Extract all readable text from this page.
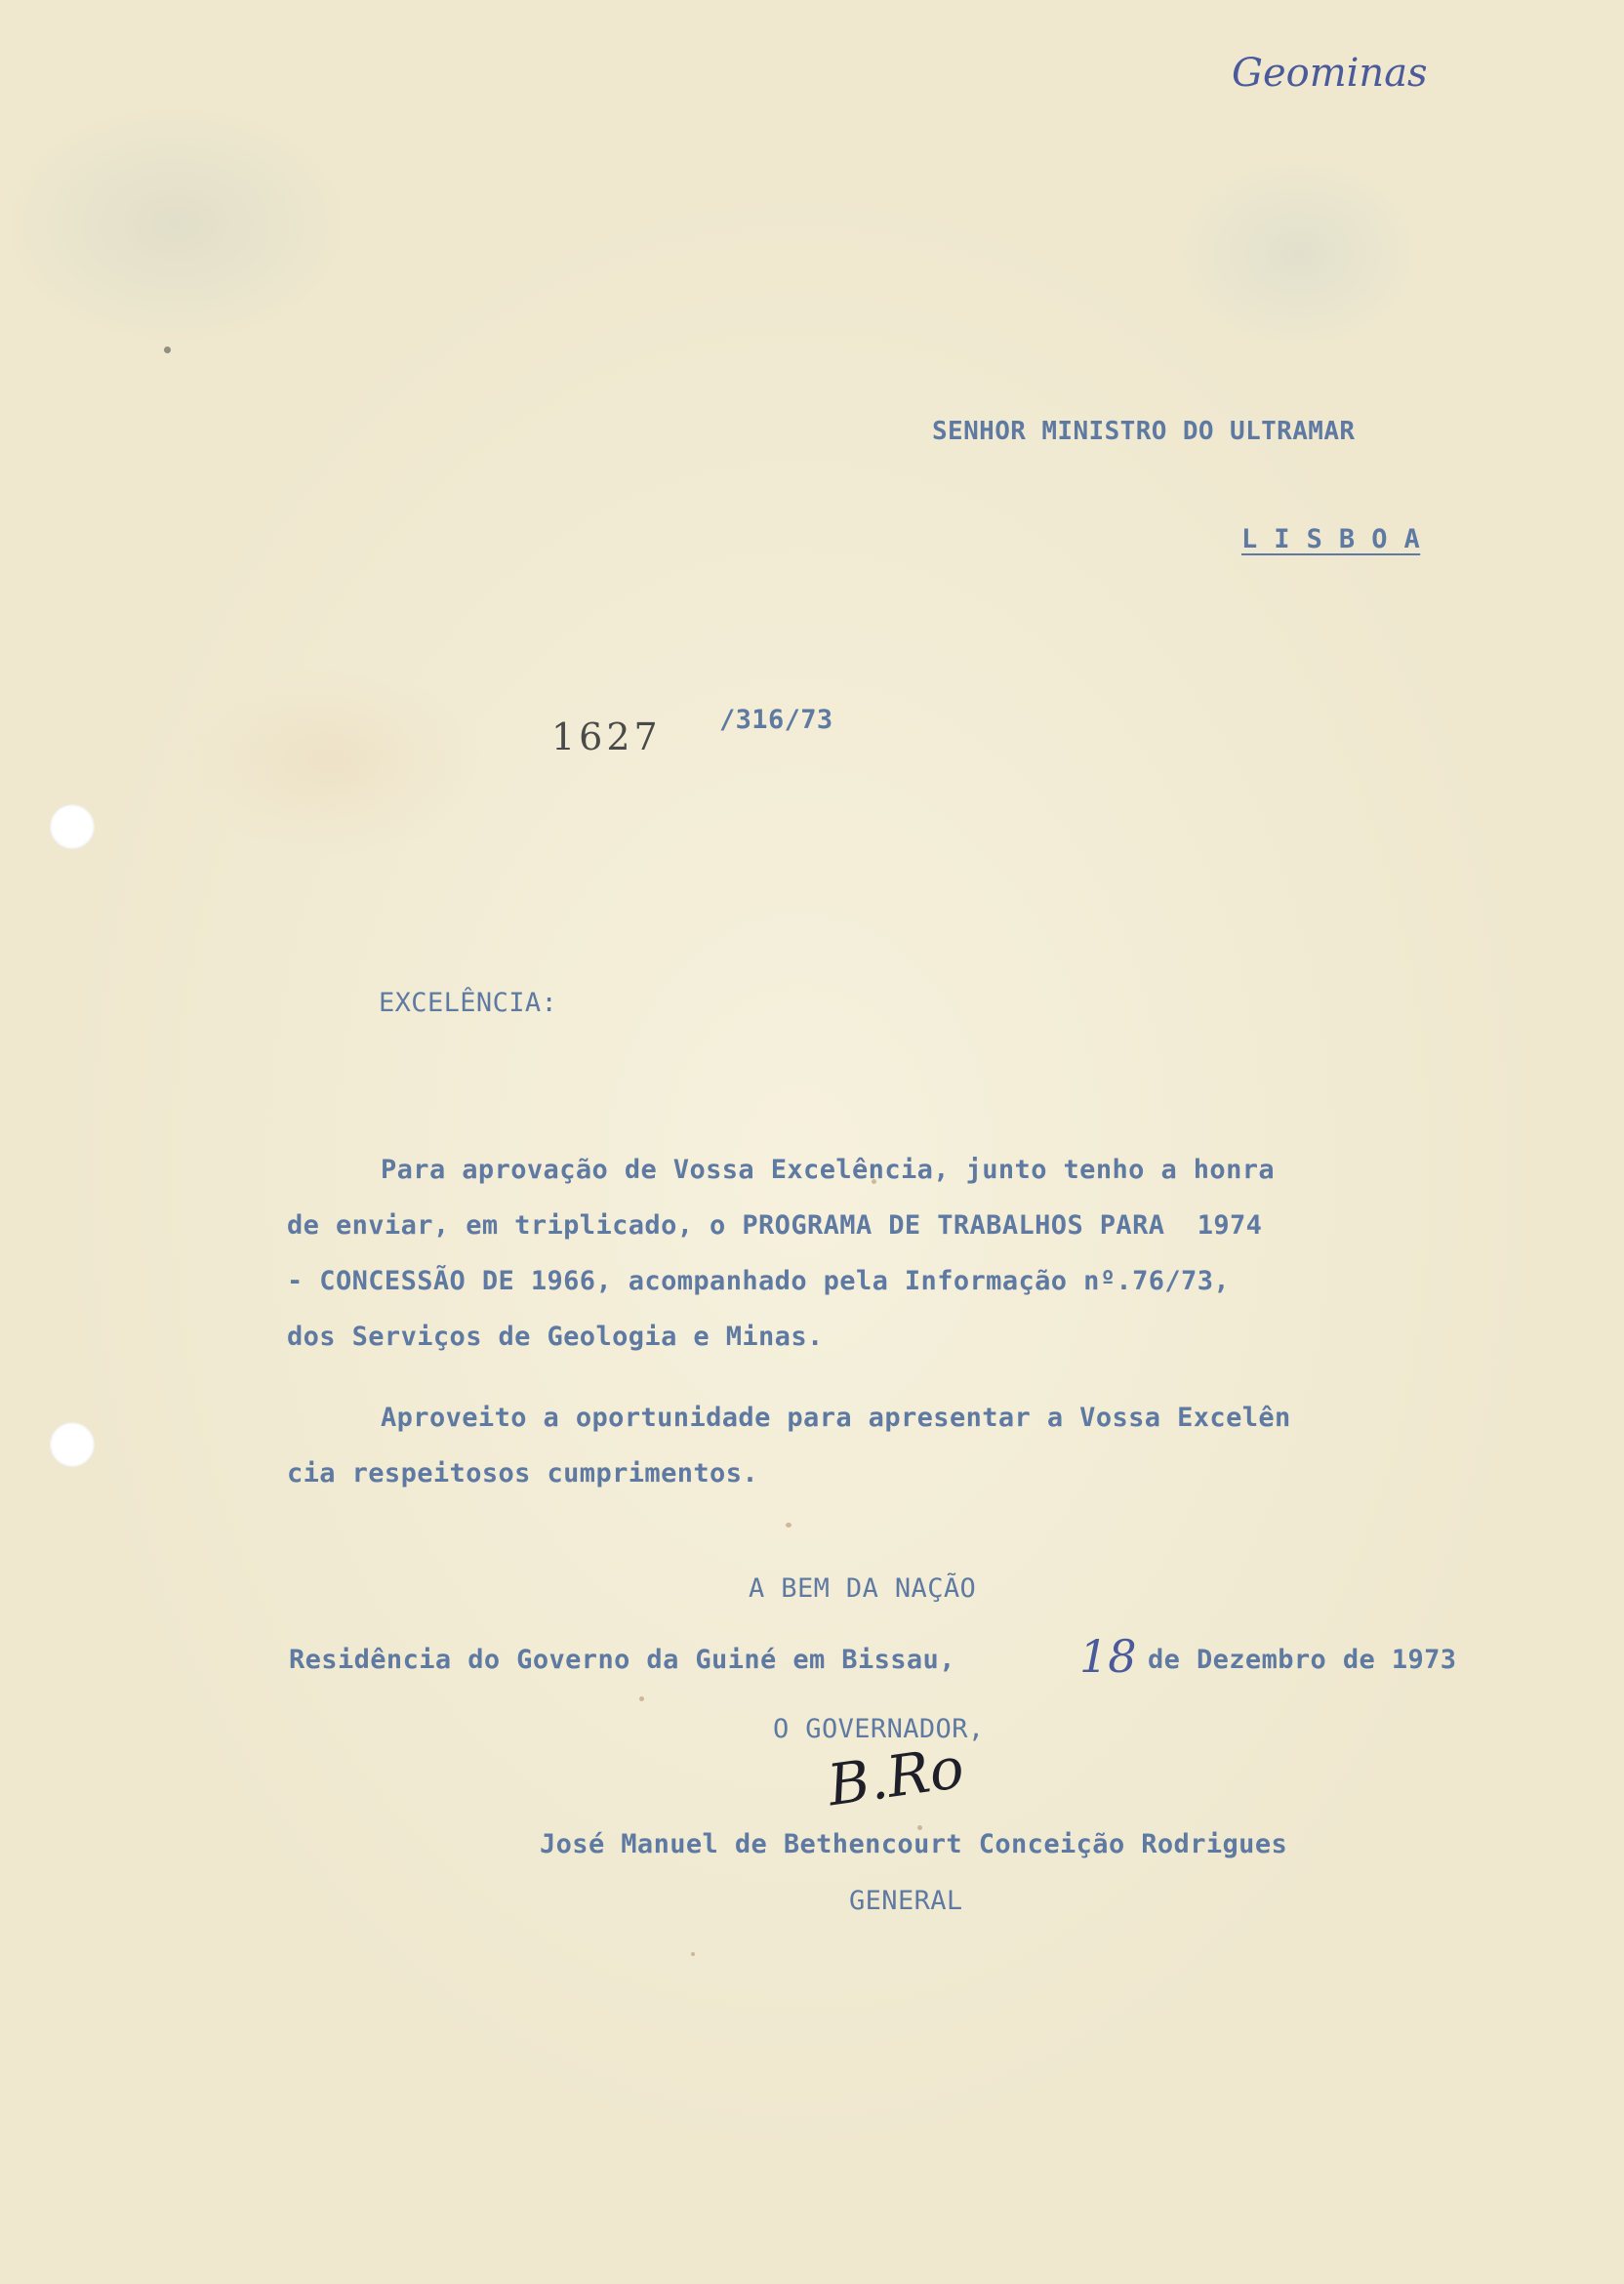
Geominas
SENHOR MINISTRO DO ULTRAMAR
L I S B O A
1627 /316/73
EXCELÊNCIA:
Para aprovação de Vossa Excelência, junto tenho a honra
de enviar, em triplicado, o PROGRAMA DE TRABALHOS PARA  1974
- CONCESSÃO DE 1966, acompanhado pela Informação nº.76/73,
dos Serviços de Geologia e Minas.
Aproveito a oportunidade para apresentar a Vossa Excelên
cia respeitosos cumprimentos.
A BEM DA NAÇÃO
Residência do Governo da Guiné em Bissau,	18 de Dezembro de 1973
O GOVERNADOR,
B.Ro
José Manuel de Bethencourt Conceição Rodrigues
GENERAL
